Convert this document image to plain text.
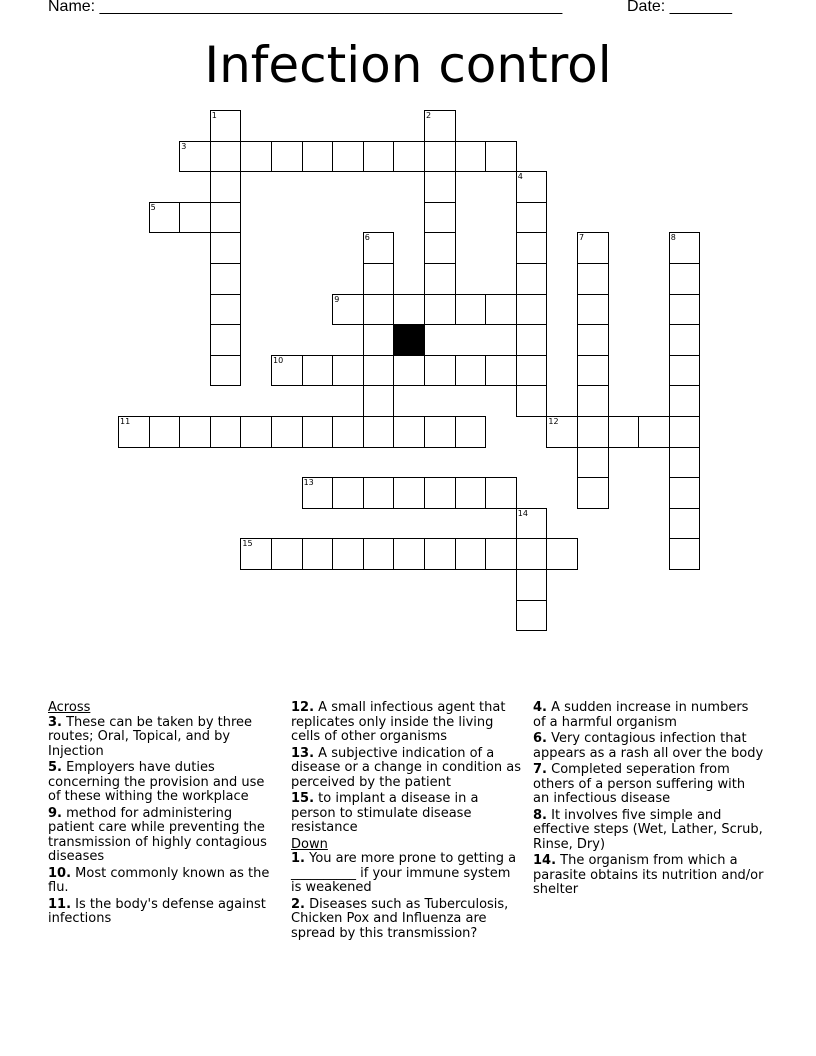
Name: ____________________________________________________	Date: _______
Infection control
1	2
3
4
5
6	7	8
9
10
11	12
13
14
15
Across
3. These can be taken by three routes; Oral, Topical, and by Injection
5. Employers have duties concerning the provision and use of these withing the workplace
9. method for administering patient care while preventing the transmission of highly contagious diseases
10. Most commonly known as the flu.
11. Is the body's defense against infections
12. A small infectious agent that replicates only inside the living cells of other organisms
13. A subjective indication of a disease or a change in condition as perceived by the patient
15. to implant a disease in a person to stimulate disease resistance
Down
1. You are more prone to getting a __________ if your immune system is weakened
2. Diseases such as Tuberculosis, Chicken Pox and Influenza are spread by this transmission?
4. A sudden increase in numbers of a harmful organism
6. Very contagious infection that appears as a rash all over the body
7. Completed seperation from others of a person suffering with an infectious disease
8. It involves five simple and effective steps (Wet, Lather, Scrub, Rinse, Dry)
14. The organism from which a parasite obtains its nutrition and/or shelter
